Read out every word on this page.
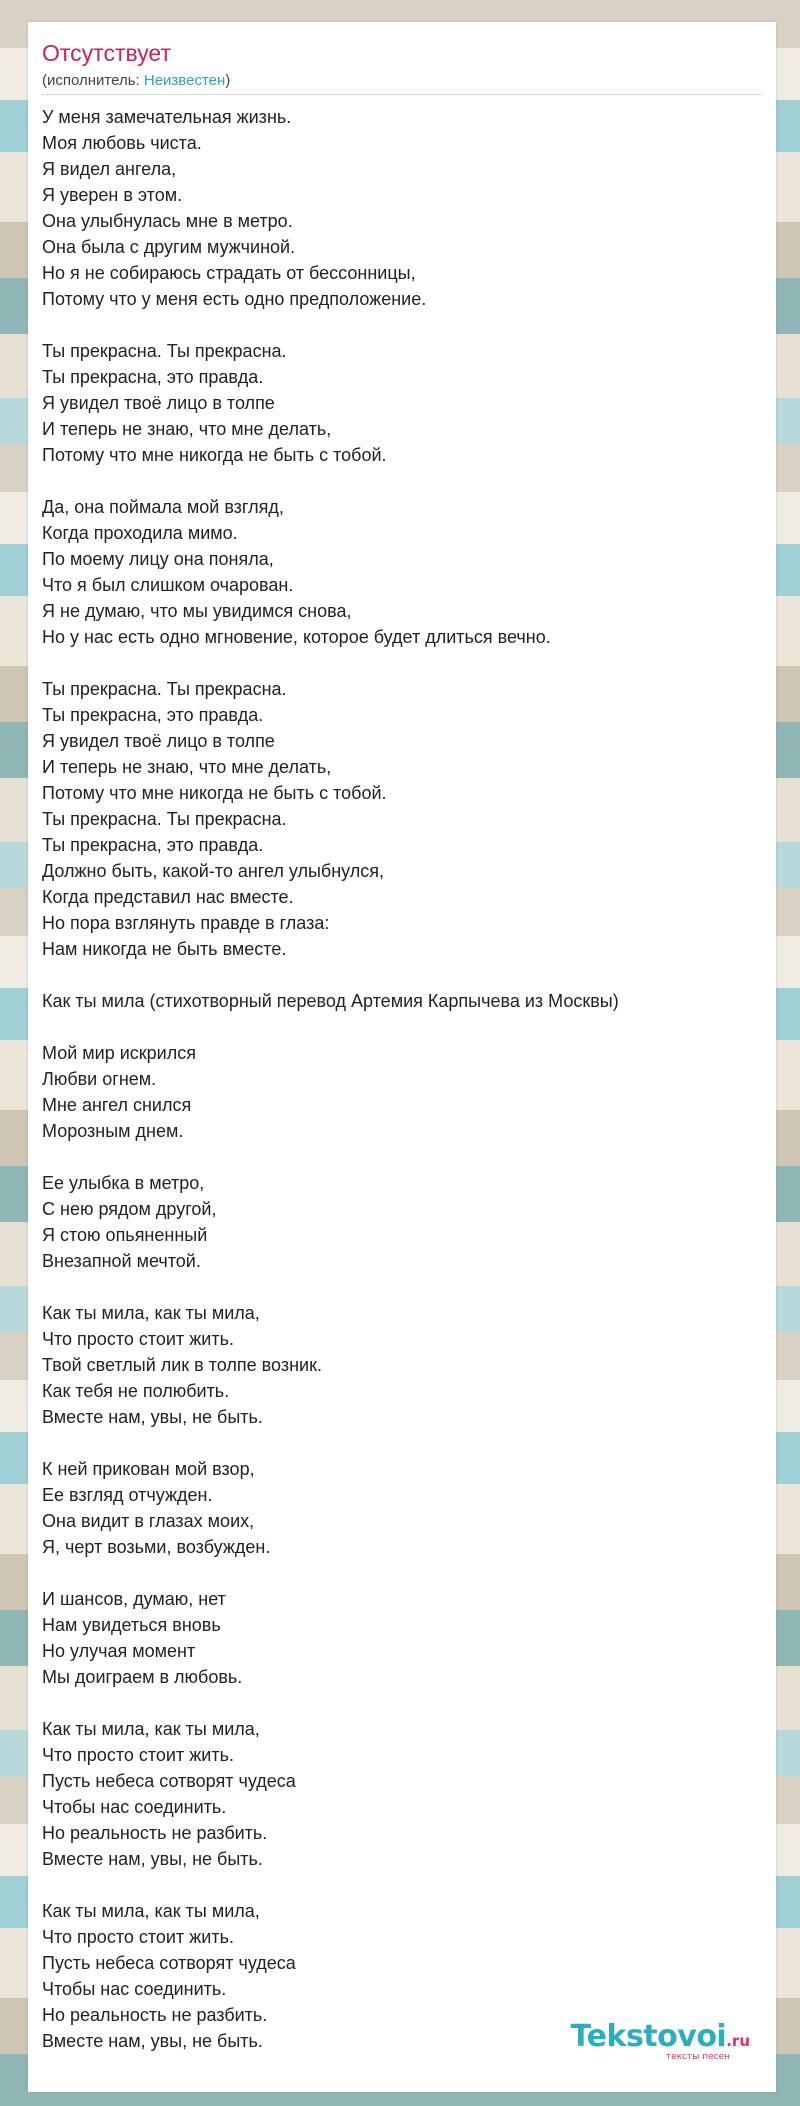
Отсутствует
(исполнитель: Неизвестен)
У меня замечательная жизнь.
Моя любовь чиста.
Я видел ангела,
Я уверен в этом.
Она улыбнулась мне в метро.
Она была с другим мужчиной.
Но я не собираюсь страдать от бессонницы,
Потому что у меня есть одно предположение.
Ты прекрасна. Ты прекрасна.
Ты прекрасна, это правда.
Я увидел твоё лицо в толпе
И теперь не знаю, что мне делать,
Потому что мне никогда не быть с тобой.
Да, она поймала мой взгляд,
Когда проходила мимо.
По моему лицу она поняла,
Что я был слишком очарован.
Я не думаю, что мы увидимся снова,
Но у нас есть одно мгновение, которое будет длиться вечно.
Ты прекрасна. Ты прекрасна.
Ты прекрасна, это правда.
Я увидел твоё лицо в толпе
И теперь не знаю, что мне делать,
Потому что мне никогда не быть с тобой.
Ты прекрасна. Ты прекрасна.
Ты прекрасна, это правда.
Должно быть, какой-то ангел улыбнулся,
Когда представил нас вместе.
Но пора взглянуть правде в глаза:
Нам никогда не быть вместе.
Как ты мила (стихотворный перевод Артемия Карпычева из Москвы)
Мой мир искрился
Любви огнем.
Мне ангел снился
Морозным днем.
Ее улыбка в метро,
С нею рядом другой,
Я стою опьяненный
Внезапной мечтой.
Как ты мила, как ты мила,
Что просто стоит жить.
Твой светлый лик в толпе возник.
Как тебя не полюбить.
Вместе нам, увы, не быть.
К ней прикован мой взор,
Ее взгляд отчужден.
Она видит в глазах моих,
Я, черт возьми, возбужден.
И шансов, думаю, нет
Нам увидеться вновь
Но улучая момент
Мы доиграем в любовь.
Как ты мила, как ты мила,
Что просто стоит жить.
Пусть небеса сотворят чудеса
Чтобы нас соединить.
Но реальность не разбить.
Вместе нам, увы, не быть.
Как ты мила, как ты мила,
Что просто стоит жить.
Пусть небеса сотворят чудеса
Чтобы нас соединить.
Но реальность не разбить.
Вместе нам, увы, не быть.	Tekstovoi.ru
тексты песен
